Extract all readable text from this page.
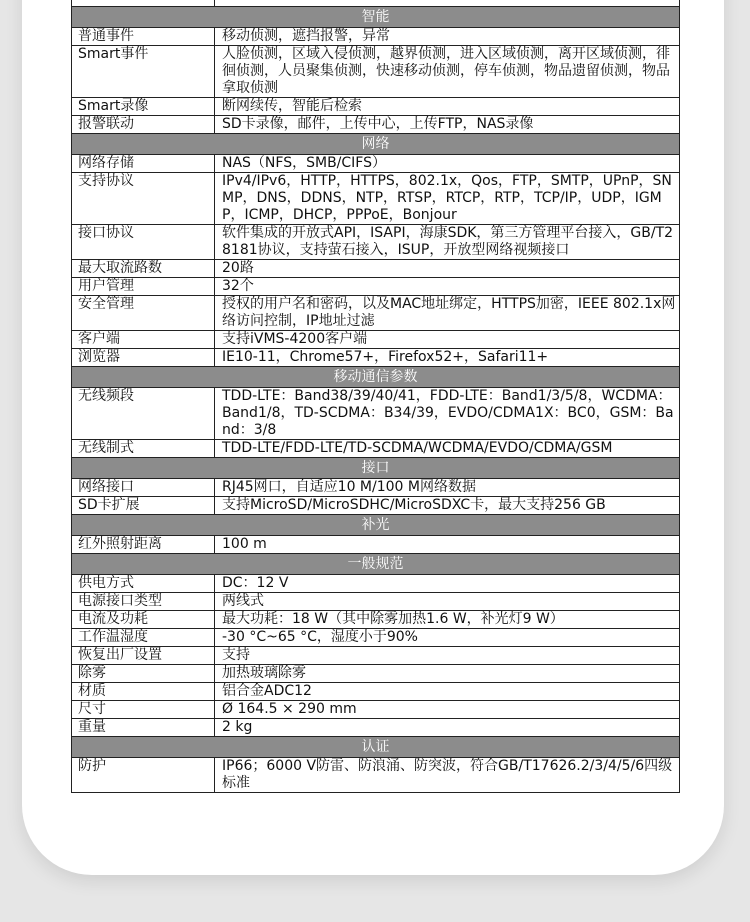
智能	
普通事件	移动侦测，遮挡报警，异常
Smart事件	人脸侦测，区域入侵侦测，越界侦测，进入区域侦测，离开区域侦测，徘徊侦测，人员聚集侦测，快速移动侦测，停车侦测，物品遗留侦测，物品拿取侦测
Smart录像	断网续传，智能后检索
报警联动	SD卡录像，邮件，上传中心，上传FTP，NAS录像
网络	
网络存储	NAS（NFS，SMB/CIFS）
支持协议	IPv4/IPv6，HTTP，HTTPS，802.1x，Qos，FTP，SMTP，UPnP，SNMP，DNS，DDNS，NTP，RTSP，RTCP，RTP，TCP/IP，UDP，IGMP，ICMP，DHCP，PPPoE，Bonjour
接口协议	软件集成的开放式API，ISAPI，海康SDK，第三方管理平台接入，GB/T28181协议，支持萤石接入，ISUP，开放型网络视频接口
最大取流路数	20路
用户管理	32个
安全管理	授权的用户名和密码，以及MAC地址绑定，HTTPS加密，IEEE 802.1x网络访问控制，IP地址过滤
客户端	支持iVMS-4200客户端
浏览器	IE10-11，Chrome57+，Firefox52+，Safari11+
移动通信参数	
无线频段	TDD-LTE：Band38/39/40/41，FDD-LTE：Band1/3/5/8，WCDMA：Band1/8，TD-SCDMA：B34/39，EVDO/CDMA1X：BC0，GSM：Band：3/8
无线制式	TDD-LTE/FDD-LTE/TD-SCDMA/WCDMA/EVDO/CDMA/GSM
接口	
网络接口	RJ45网口，自适应10 M/100 M网络数据
SD卡扩展	支持MicroSD/MicroSDHC/MicroSDXC卡，最大支持256 GB
补光	
红外照射距离	100 m
一般规范	
供电方式	DC：12 V
电源接口类型	两线式
电流及功耗	最大功耗：18 W（其中除雾加热1.6 W，补光灯9 W）
工作温湿度	-30 °C~65 °C，湿度小于90%
恢复出厂设置	支持
除雾	加热玻璃除雾
材质	铝合金ADC12
尺寸	Ø 164.5 × 290 mm
重量	2 kg
认证	
防护	IP66；6000 V防雷、防浪涌、防突波，符合GB/T17626.2/3/4/5/6四级标准
